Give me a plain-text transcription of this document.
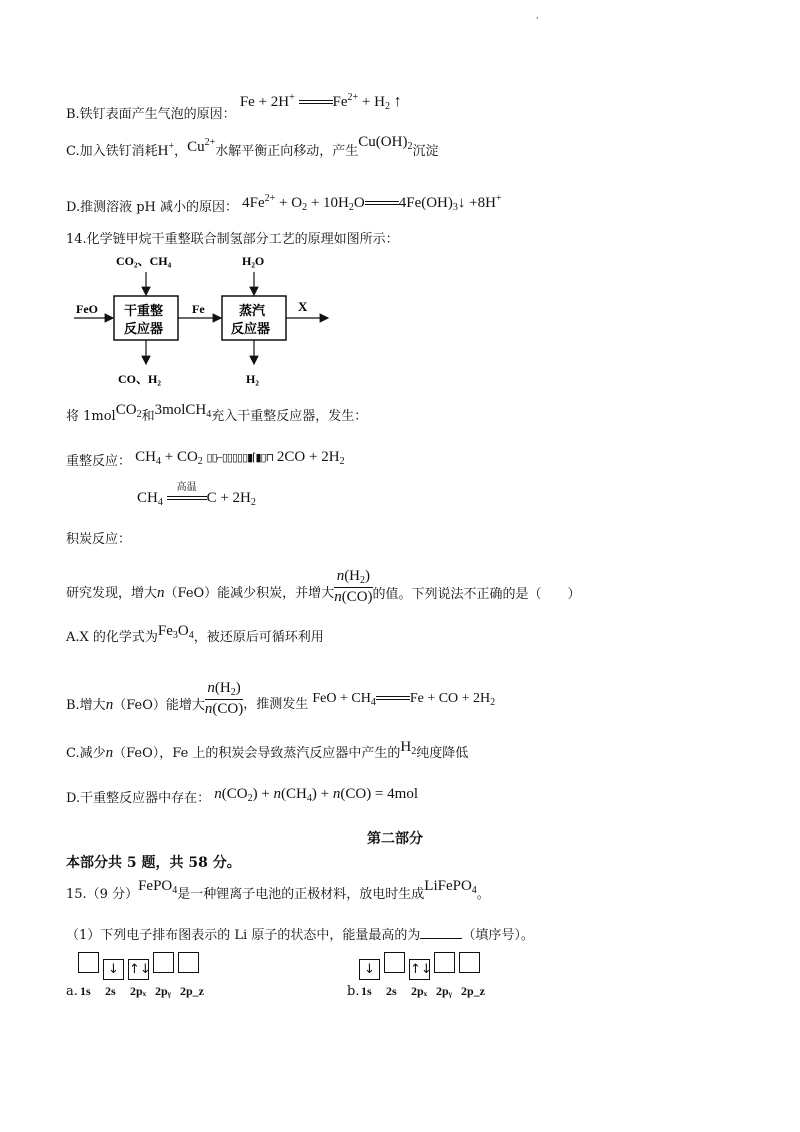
·
B.铁钉表面产生气泡的原因： Fe + 2H+	$Fe^{2+} + H_2$ ↑
C.加入铁钉消耗H+，$Cu^{2+}$水解平衡正向移动，产生$Cu(OH)_2$沉淀
D.推测溶液 pH 减小的原因： $4Fe^{2+} + O_2 + 10H_2O$ $4Fe(OH)_3↓ +8H^+$
14.化学链甲烷干重整联合制氢部分工艺的原理如图所示：
CO₂、CH₄	H₂O
FeO	Fe	X
干重整
反应器
蒸汽
反应器
CO、H₂	H₂
将 1molCO$_2$和3molCH$_4$充入干重整反应器，发生：
重整反应： $CH_4 + CO_2$ ▯▯⌐▯▯▯▯▯▮⌈▮▯⊓ $2CO + 2H_2$
$CH_4$
高温
$C + 2H_2$
积炭反应：
研究发现，增大n（FeO）能减少积炭，并增大 $\frac{n(H_2)}{n(CO)}$ 的值。下列说法不正确的是（　　）
A.X 的化学式为$Fe_3O_4$，被还原后可循环利用
B.增大n（FeO）能增大 $\frac{n(H_2)}{n(CO)}$ ，推测发生 FeO + $CH_4$ Fe + CO + $2H_2$
C.减少n（FeO），Fe 上的积炭会导致蒸汽反应器中产生的$H_2$纯度降低
D.干重整反应器中存在： $n(CO_2) + n(CH_4) + n(CO) = 4mol$
第二部分
本部分共 5 题，共 58 分。
15.（9 分）FePO$_4$是一种锂离子电池的正极材料，放电时生成LiFePO$_4$。
（1）下列电子排布图表示的 Li 原子的状态中，能量最高的为	（填序号）。
↓ ↑↓
1s 2s 2pₓ 2pᵧ 2p_z
a.
↓	↑↓
1s 2s 2pₓ 2pᵧ 2p_z
b.
